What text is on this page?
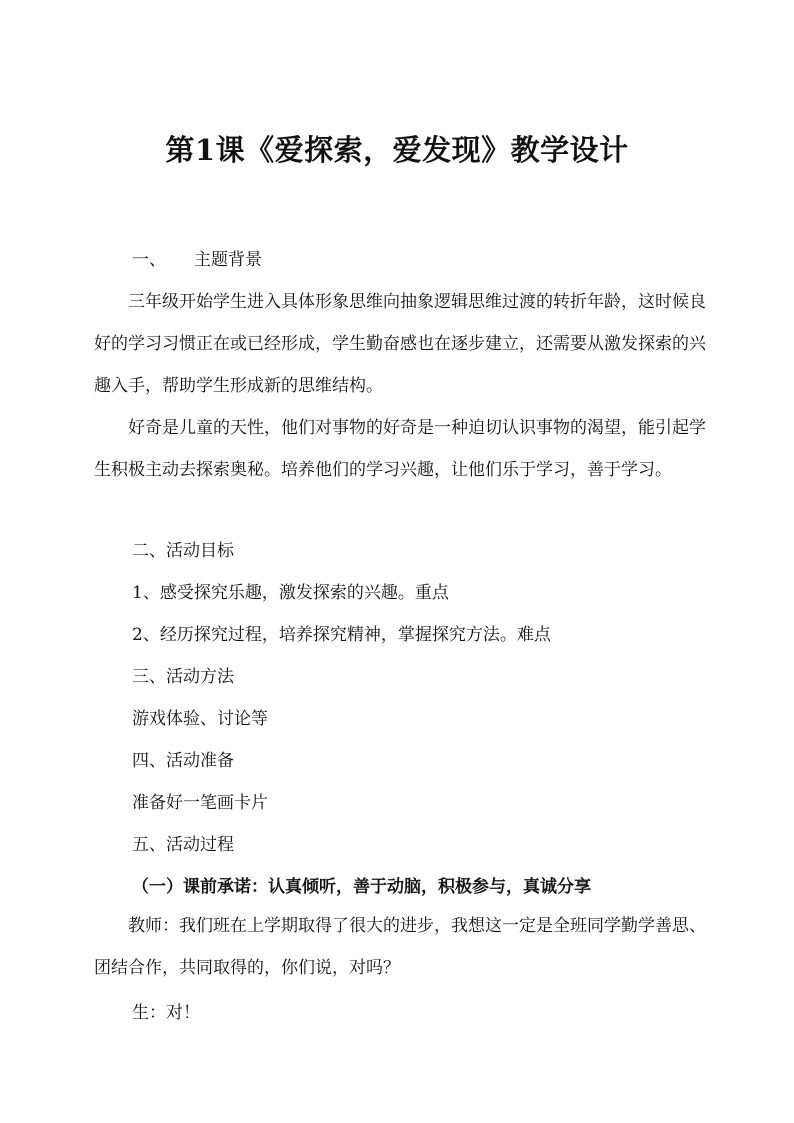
第1课《爱探索，爱发现》教学设计
一、 主题背景

三年级开始学生进入具体形象思维向抽象逻辑思维过渡的转折年龄，这时候良好的学习习惯正在或已经形成，学生勤奋感也在逐步建立，还需要从激发探索的兴趣入手，帮助学生形成新的思维结构。

好奇是儿童的天性，他们对事物的好奇是一种迫切认识事物的渴望，能引起学生积极主动去探索奥秘。培养他们的学习兴趣，让他们乐于学习，善于学习。

二、活动目标
1、感受探究乐趣，激发探索的兴趣。重点
2、经历探究过程，培养探究精神，掌握探究方法。难点
三、活动方法
游戏体验、讨论等
四、活动准备
准备好一笔画卡片
五、活动过程
（一）课前承诺：认真倾听，善于动脑，积极参与，真诚分享

教师：我们班在上学期取得了很大的进步，我想这一定是全班同学勤学善思、团结合作，共同取得的，你们说，对吗？

生：对！
